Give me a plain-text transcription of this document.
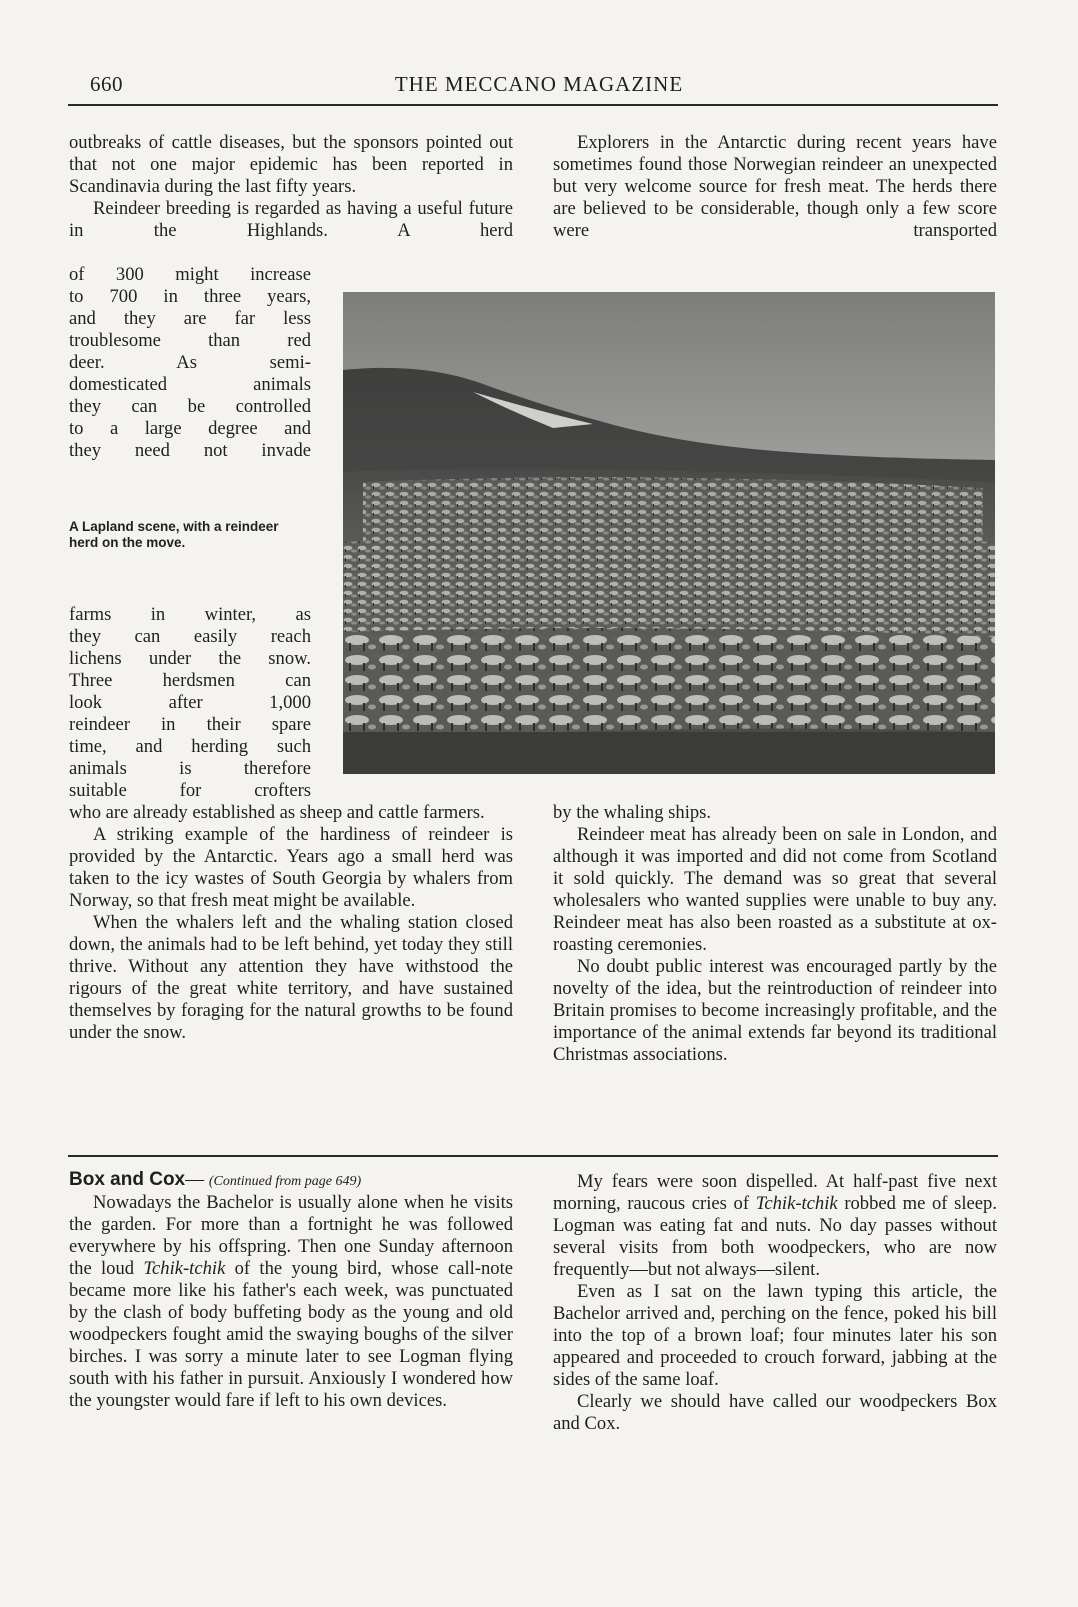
660	THE MECCANO MAGAZINE

outbreaks of cattle diseases, but the sponsors pointed out that not one major epidemic has been reported in Scandinavia during the last fifty years.

Reindeer breeding is regarded as having a useful future in the Highlands. A herd

of 300 might increase

to 700 in three years,

and they are far less

troublesome than red

deer. As semi-

domesticated animals

they can be controlled

to a large degree and

they need not invade

A Lapland scene, with a reindeer herd on the move.

farms in winter, as

they can easily reach

lichens under the snow.

Three herdsmen can

look after 1,000

reindeer in their spare

time, and herding such

animals is therefore

suitable for crofters

who are already established as sheep and cattle farmers.

A striking example of the hardiness of reindeer is provided by the Antarctic. Years ago a small herd was taken to the icy wastes of South Georgia by whalers from Norway, so that fresh meat might be available.

When the whalers left and the whaling station closed down, the animals had to be left behind, yet today they still thrive. Without any attention they have withstood the rigours of the great white territory, and have sustained themselves by foraging for the natural growths to be found under the snow.

Explorers in the Antarctic during recent years have sometimes found those Norwegian reindeer an unexpected but very welcome source for fresh meat. The herds there are believed to be considerable, though only a few score were transported

by the whaling ships.

Reindeer meat has already been on sale in London, and although it was imported and did not come from Scotland it sold quickly. The demand was so great that several wholesalers who wanted supplies were unable to buy any. Reindeer meat has also been roasted as a substitute at ox-roasting ceremonies.

No doubt public interest was encouraged partly by the novelty of the idea, but the reintroduction of reindeer into Britain promises to become increasingly profitable, and the importance of the animal extends far beyond its traditional Christmas associations.

Box and Cox— (Continued from page 649)

Nowadays the Bachelor is usually alone when he visits the garden. For more than a fortnight he was followed everywhere by his offspring. Then one Sunday afternoon the loud Tchik-tchik of the young bird, whose call-note became more like his father's each week, was punctuated by the clash of body buffeting body as the young and old woodpeckers fought amid the swaying boughs of the silver birches. I was sorry a minute later to see Logman flying south with his father in pursuit. Anxiously I wondered how the youngster would fare if left to his own devices.

My fears were soon dispelled. At half-past five next morning, raucous cries of Tchik-tchik robbed me of sleep. Logman was eating fat and nuts. No day passes without several visits from both woodpeckers, who are now frequently—but not always—silent.

Even as I sat on the lawn typing this article, the Bachelor arrived and, perching on the fence, poked his bill into the top of a brown loaf; four minutes later his son appeared and proceeded to crouch forward, jabbing at the sides of the same loaf.

Clearly we should have called our woodpeckers Box and Cox.
